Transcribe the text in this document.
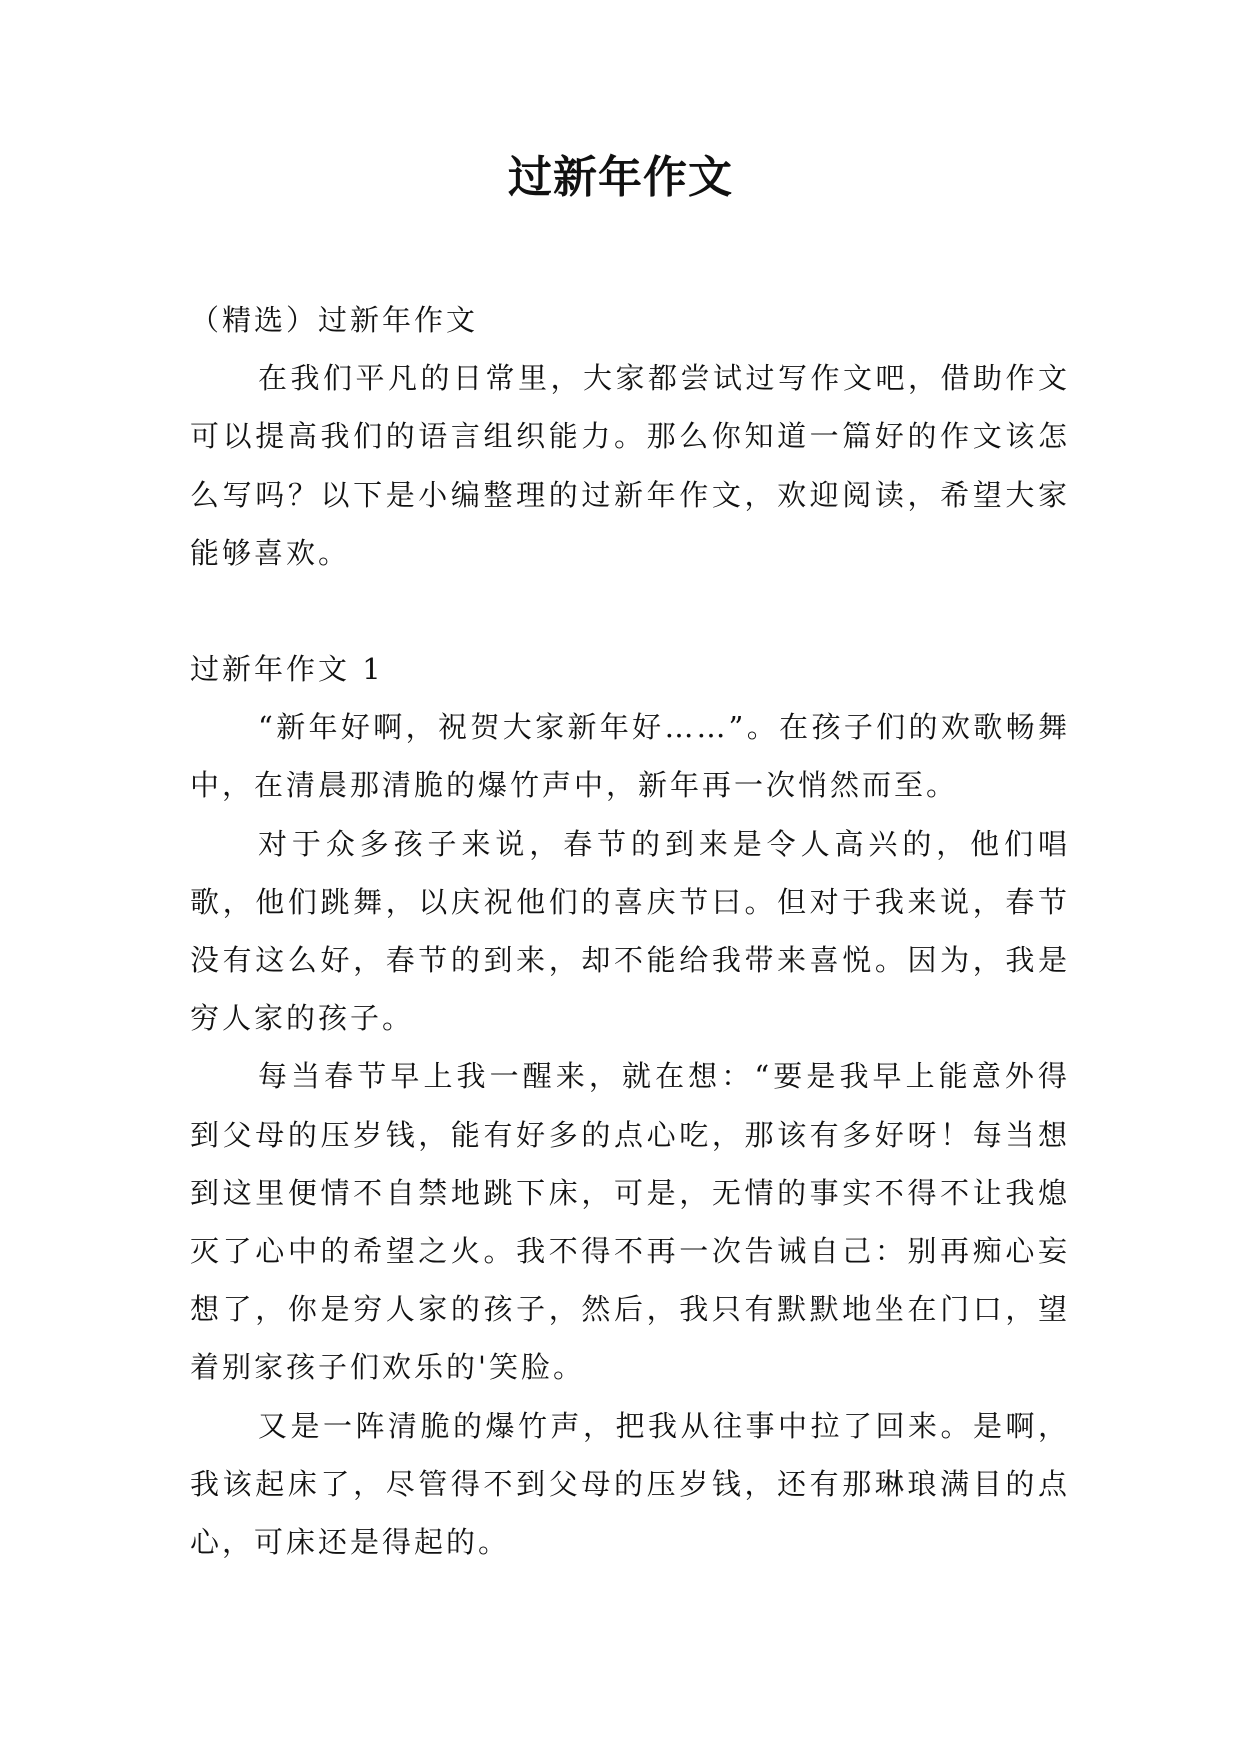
过新年作文

（精选）过新年作文

在我们平凡的日常里，大家都尝试过写作文吧，借助作文可以提高我们的语言组织能力。那么你知道一篇好的作文该怎么写吗？以下是小编整理的过新年作文，欢迎阅读，希望大家能够喜欢。

过新年作文 1

“新年好啊，祝贺大家新年好……”。在孩子们的欢歌畅舞中，在清晨那清脆的爆竹声中，新年再一次悄然而至。

对于众多孩子来说，春节的到来是令人高兴的，他们唱歌，他们跳舞，以庆祝他们的喜庆节曰。但对于我来说，春节没有这么好，春节的到来，却不能给我带来喜悦。因为，我是穷人家的孩子。

每当春节早上我一醒来，就在想：“要是我早上能意外得到父母的压岁钱，能有好多的点心吃，那该有多好呀！每当想到这里便情不自禁地跳下床，可是，无情的事实不得不让我熄灭了心中的希望之火。我不得不再一次告诫自己：别再痴心妄想了，你是穷人家的孩子，然后，我只有默默地坐在门口，望着别家孩子们欢乐的'笑脸。

又是一阵清脆的爆竹声，把我从往事中拉了回来。是啊，我该起床了，尽管得不到父母的压岁钱，还有那琳琅满目的点心，可床还是得起的。
